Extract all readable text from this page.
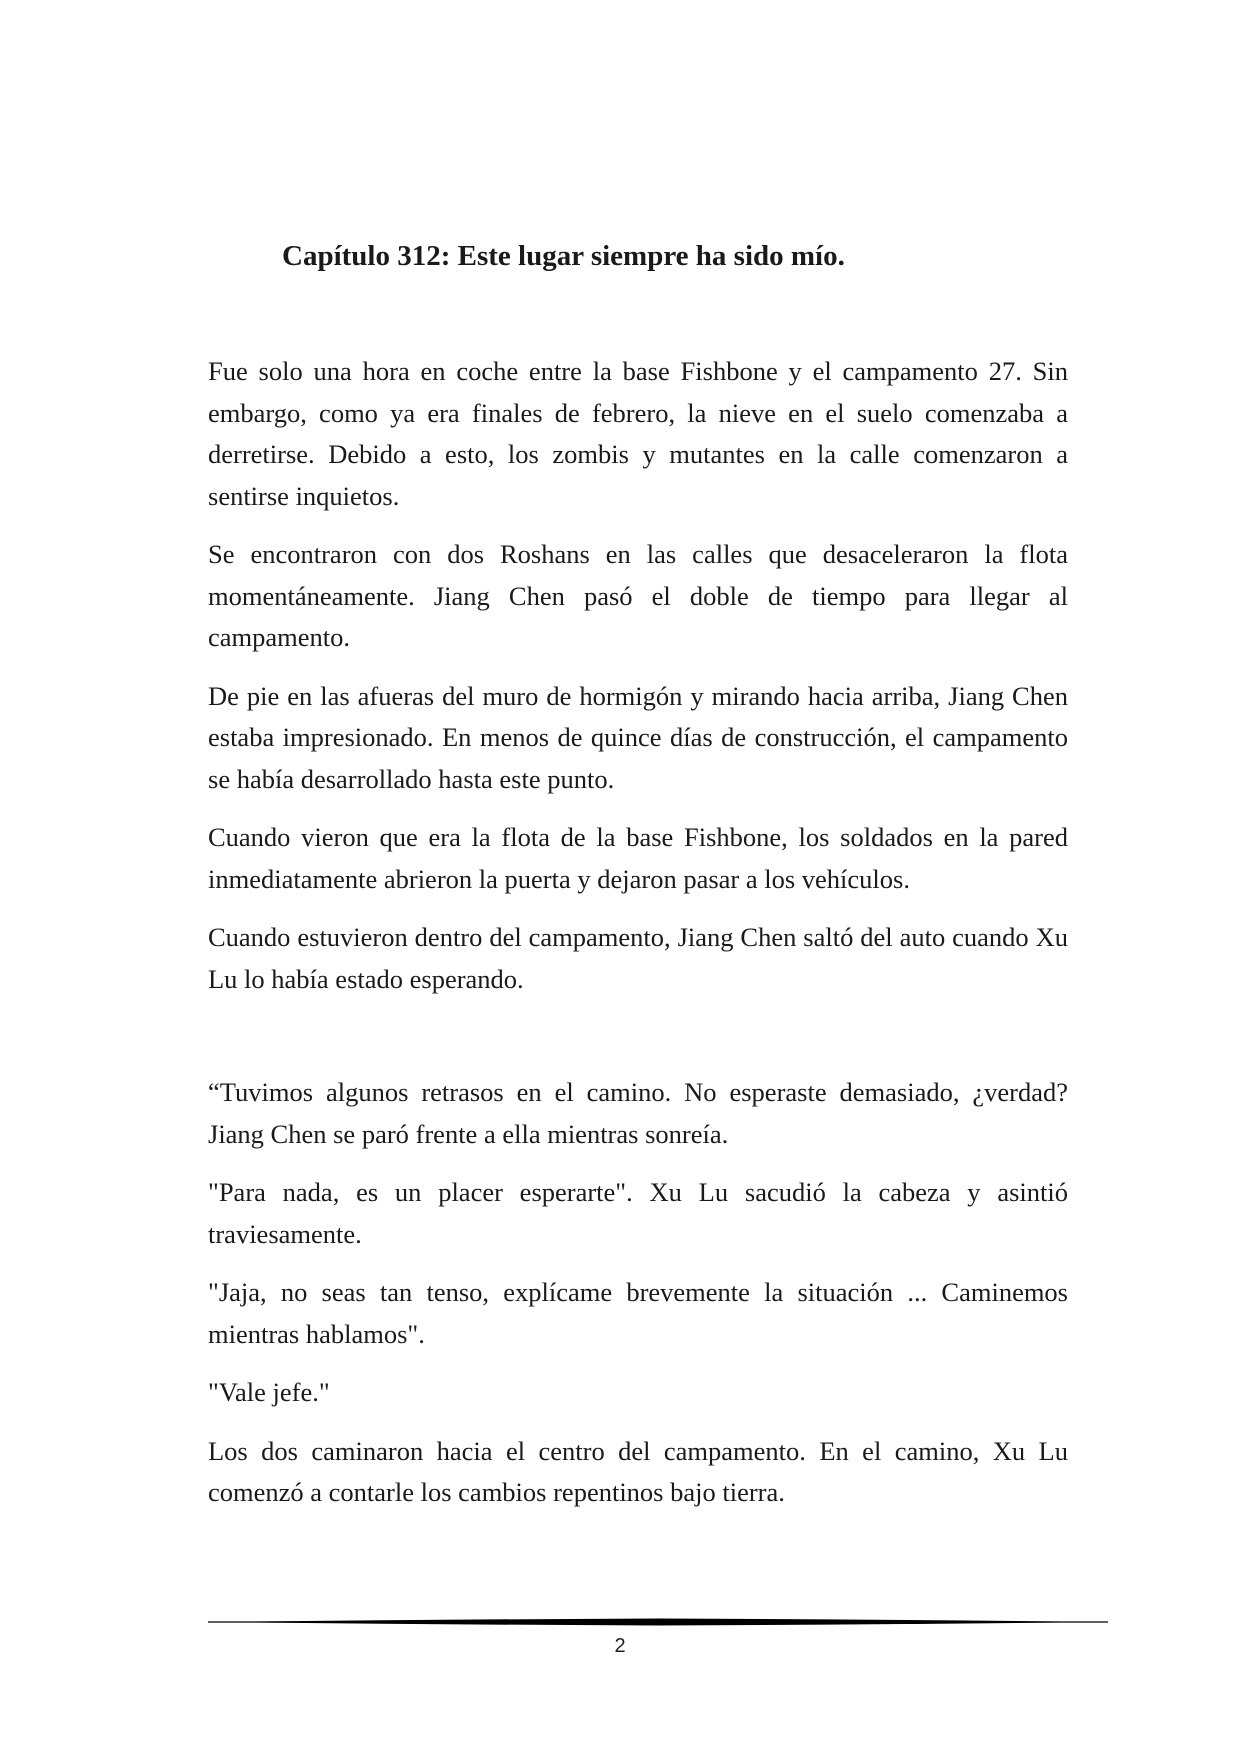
Capítulo 312: Este lugar siempre ha sido mío.

Fue solo una hora en coche entre la base Fishbone y el campamento 27. Sin embargo, como ya era finales de febrero, la nieve en el suelo comenzaba a derretirse. Debido a esto, los zombis y mutantes en la calle comenzaron a sentirse inquietos.

Se encontraron con dos Roshans en las calles que desaceleraron la flota momentáneamente. Jiang Chen pasó el doble de tiempo para llegar al campamento.

De pie en las afueras del muro de hormigón y mirando hacia arriba, Jiang Chen estaba impresionado. En menos de quince días de construcción, el campamento se había desarrollado hasta este punto.

Cuando vieron que era la flota de la base Fishbone, los soldados en la pared inmediatamente abrieron la puerta y dejaron pasar a los vehículos.

Cuando estuvieron dentro del campamento, Jiang Chen saltó del auto cuando Xu Lu lo había estado esperando.

“Tuvimos algunos retrasos en el camino. No esperaste demasiado, ¿verdad? Jiang Chen se paró frente a ella mientras sonreía.

"Para nada, es un placer esperarte". Xu Lu sacudió la cabeza y asintió traviesamente.

"Jaja, no seas tan tenso, explícame brevemente la situación ... Caminemos mientras hablamos".

"Vale jefe."

Los dos caminaron hacia el centro del campamento. En el camino, Xu Lu comenzó a contarle los cambios repentinos bajo tierra.

2
